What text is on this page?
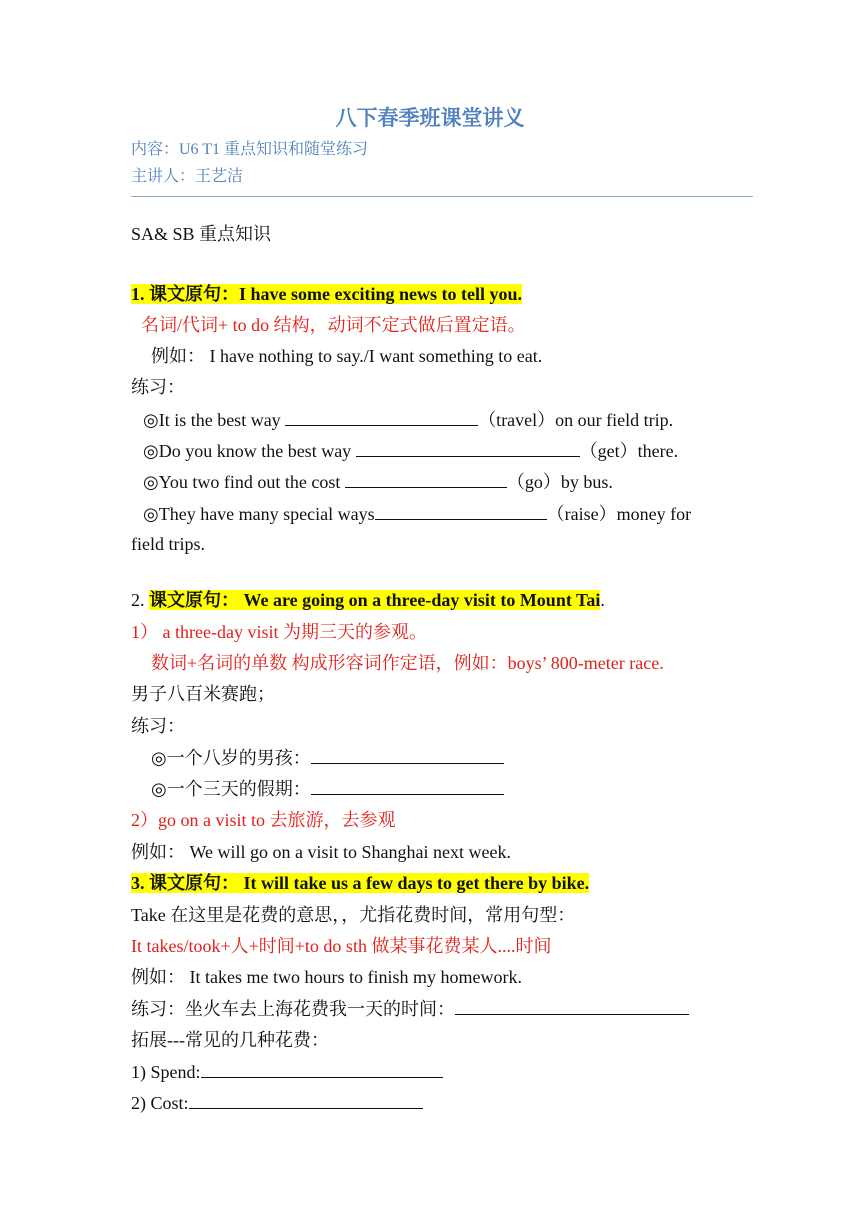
八下春季班课堂讲义
内容：U6 T1 重点知识和随堂练习
主讲人：王艺洁
SA& SB 重点知识
1. 课文原句：I have some exciting news to tell you.
名词/代词+ to do 结构，动词不定式做后置定语。
例如： I have nothing to say./I want something to eat.
练习：
◎It is the best way	（travel）on our field trip.
◎Do you know the best way	（get）there.
◎You two find out the cost	（go）by bus.
◎They have many special ways	（raise）money for
field trips.
2. 课文原句： We are going on a three-day visit to Mount Tai.
1） a three-day visit 为期三天的参观。
数词+名词的单数 构成形容词作定语，例如：boys’ 800-meter race.
男子八百米赛跑；
练习：
◎一个八岁的男孩：
◎一个三天的假期：
2）go on a visit to 去旅游，去参观
例如： We will go on a visit to Shanghai next week.
3. 课文原句： It will take us a few days to get there by bike.
Take 在这里是花费的意思，，尤指花费时间，常用句型：
It takes/took+人+时间+to do sth 做某事花费某人....时间
例如： It takes me two hours to finish my homework.
练习：坐火车去上海花费我一天的时间：
拓展---常见的几种花费：
1) Spend:
2) Cost:
